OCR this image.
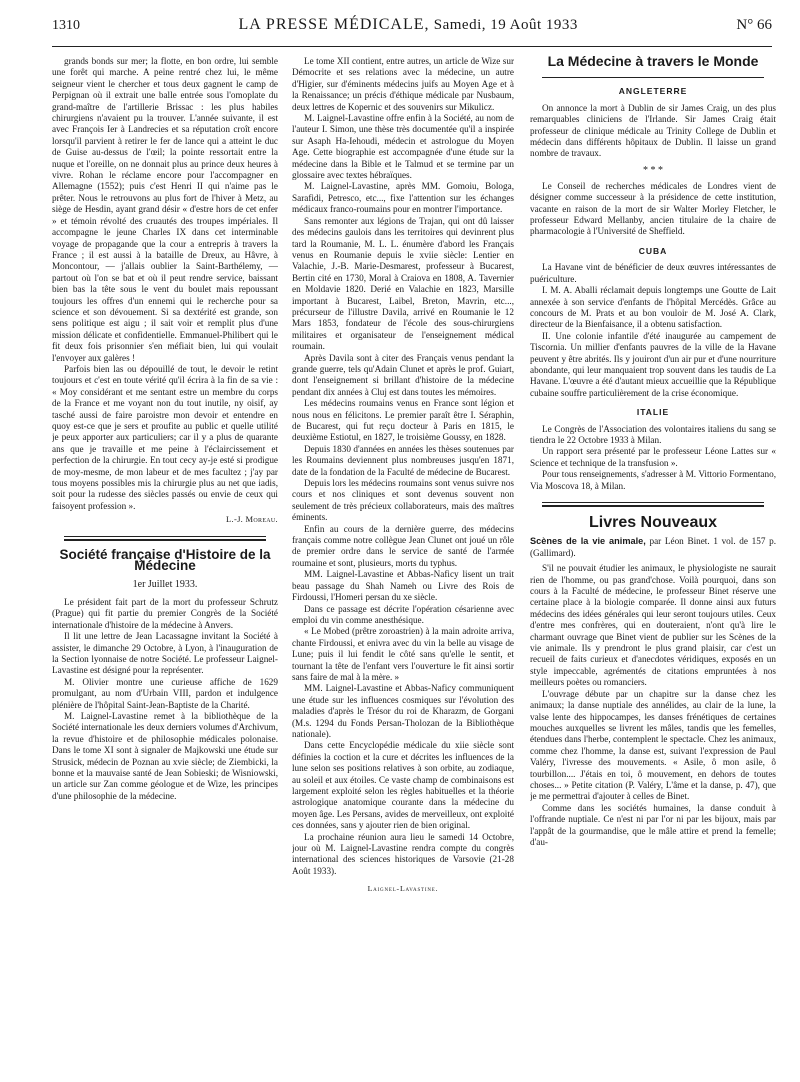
1310	LA PRESSE MÉDICALE, Samedi, 19 Août 1933	N° 66

grands bonds sur mer; la flotte, en bon ordre, lui semble une forêt qui marche. A peine rentré chez lui, le même seigneur vient le chercher et tous deux gagnent le camp de Perpignan où il extrait une balle entrée sous l'omoplate du grand-maître de l'artillerie Brissac : les plus habiles chirurgiens n'avaient pu la trouver. L'année suivante, il est avec François Ier à Landrecies et sa réputation croît encore lorsqu'il parvient à retirer le fer de lance qui a atteint le duc de Guise au-dessus de l'œil; la pointe ressortait entre la nuque et l'oreille, on ne donnait plus au prince deux heures à vivre. Rohan le réclame encore pour l'accompagner en Allemagne (1552); puis c'est Henri II qui n'aime pas le prêter. Nous le retrouvons au plus fort de l'hiver à Metz, au siège de Hesdin, ayant grand désir « d'estre hors de cet enfer » et témoin révolté des cruautés des troupes impériales. Il accompagne le jeune Charles IX dans cet interminable voyage de propagande que la cour a entrepris à travers la France ; il est aussi à la bataille de Dreux, au Hâvre, à Moncontour, — j'allais oublier la Saint-Barthélemy, — partout où l'on se bat et où il peut rendre service, baissant bien bas la tête sous le vent du boulet mais repoussant toujours les offres d'un ennemi qui le recherche pour sa science et son dévouement. Si sa dextérité est grande, son sens politique est aigu ; il sait voir et remplit plus d'une mission délicate et confidentielle. Emmanuel-Philibert qui le fit deux fois prisonnier s'en méfiait bien, lui qui voulait l'envoyer aux galères !

Parfois bien las ou dépouillé de tout, le devoir le retint toujours et c'est en toute vérité qu'il écrira à la fin de sa vie : « Moy considérant et me sentant estre un membre du corps de la France et me voyant non du tout inutile, ny oisif, ay tasché aussi de faire paroistre mon devoir et entendre en quoy est-ce que je sers et proufite au public et quelle utilité je peux apporter aux particuliers; car il y a plus de quarante ans que je travaille et me peine à l'éclaircissement et perfection de la chirurgie. En tout cecy ay-je esté si prodigue de moy-mesme, de mon labeur et de mes facultez ; j'ay par tous moyens possibles mis la chirurgie plus au net que iadis, soit pour la rudesse des siècles passés ou envie de ceux qui faisoyent profession ».

L.-J. Moreau.
Société française d'Histoire de la Médecine
1er Juillet 1933.

Le président fait part de la mort du professeur Schrutz (Prague) qui fit partie du premier Congrès de la Société internationale d'histoire de la médecine à Anvers.

Il lit une lettre de Jean Lacassagne invitant la Société à assister, le dimanche 29 Octobre, à Lyon, à l'inauguration de la Section lyonnaise de notre Société. Le professeur Laignel-Lavastine est désigné pour la représenter.

M. Olivier montre une curieuse affiche de 1629 promulgant, au nom d'Urbain VIII, pardon et indulgence plénière de l'hôpital Saint-Jean-Baptiste de la Charité.

M. Laignel-Lavastine remet à la bibliothèque de la Société internationale les deux derniers volumes d'Archivum, la revue d'histoire et de philosophie médicales polonaise. Dans le tome XI sont à signaler de Majkowski une étude sur Strusick, médecin de Poznan au xvie siècle; de Ziembicki, la bonne et la mauvaise santé de Jean Sobieski; de Wisniowski, un article sur Zan comme géologue et de Wize, les principes d'une philosophie de la médecine.

Le tome XII contient, entre autres, un article de Wize sur Démocrite et ses relations avec la médecine, un autre d'Higier, sur d'éminents médecins juifs au Moyen Age et à la Renaissance; un précis d'éthique médicale par Nusbaum, deux lettres de Kopernic et des souvenirs sur Mikulicz.

M. Laignel-Lavastine offre enfin à la Société, au nom de l'auteur I. Simon, une thèse très documentée qu'il a inspirée sur Asaph Ha-Iehoudi, médecin et astrologue du Moyen Age. Cette biographie est accompagnée d'une étude sur la médecine dans la Bible et le Talmud et se termine par un glossaire avec textes hébraïques.

M. Laignel-Lavastine, après MM. Gomoiu, Bologa, Sarafidi, Petresco, etc..., fixe l'attention sur les échanges médicaux franco-roumains pour en montrer l'importance.

Sans remonter aux légions de Trajan, qui ont dû laisser des médecins gaulois dans les territoires qui devinrent plus tard la Roumanie, M. L. L. énumère d'abord les Français venus en Roumanie depuis le xviie siècle: Lentier en Valachie, J.-B. Marie-Desmarest, professeur à Bucarest, Bertin cité en 1730, Moral à Craiova en 1808, A. Tavernier en Moldavie 1820. Derié en Valachie en 1823, Marsille important à Bucarest, Laibel, Breton, Mavrin, etc..., précurseur de l'illustre Davila, arrivé en Roumanie le 12 Mars 1853, fondateur de l'école des sous-chirurgiens militaires et organisateur de l'enseignement médical roumain.

Après Davila sont à citer des Français venus pendant la grande guerre, tels qu'Adain Clunet et après le prof. Guiart, dont l'enseignement si brillant d'histoire de la médecine pendant dix années à Cluj est dans toutes les mémoires.

Les médecins roumains venus en France sont légion et nous nous en félicitons. Le premier paraît être I. Séraphin, de Bucarest, qui fut reçu docteur à Paris en 1815, le deuxième Estiotul, en 1827, le troisième Goussy, en 1828.

Depuis 1830 d'années en années les thèses soutenues par les Roumains deviennent plus nombreuses jusqu'en 1871, date de la fondation de la Faculté de médecine de Bucarest.

Depuis lors les médecins roumains sont venus suivre nos cours et nos cliniques et sont devenus souvent non seulement de très précieux collaborateurs, mais des maîtres éminents.

Enfin au cours de la dernière guerre, des médecins français comme notre collègue Jean Clunet ont joué un rôle de premier ordre dans le service de santé de l'armée roumaine et sont, plusieurs, morts du typhus.

MM. Laignel-Lavastine et Abbas-Naficy lisent un trait beau passage du Shah Nameh ou Livre des Rois de Firdoussi, l'Homeri persan du xe siècle.

Dans ce passage est décrite l'opération césarienne avec emploi du vin comme anesthésique.

« Le Mobed (prêtre zoroastrien) à la main adroite arriva, chante Firdoussi, et enivra avec du vin la belle au visage de Lune; puis il lui fendit le côté sans qu'elle le sentit, et tournant la tête de l'enfant vers l'ouverture le fit ainsi sortir sans faire de mal à la mère. »

MM. Laignel-Lavastine et Abbas-Naficy communiquent une étude sur les influences cosmiques sur l'évolution des maladies d'après le Trésor du roi de Kharazm, de Gorgani (M.s. 1294 du Fonds Persan-Tholozan de la Bibliothèque nationale).

Dans cette Encyclopédie médicale du xiie siècle sont définies la coction et la cure et décrites les influences de la lune selon ses positions relatives à son orbite, au zodiaque, au soleil et aux étoiles. Ce vaste champ de combinaisons est largement exploité selon les règles habituelles et la théorie astrologique anatomique courante dans la médecine du moyen âge. Les Persans, avides de merveilleux, ont exploité ces données, sans y ajouter rien de bien original.

La prochaine réunion aura lieu le samedi 14 Octobre, jour où M. Laignel-Lavastine rendra compte du congrès international des sciences historiques de Varsovie (21-28 Août 1933).

Laignel-Lavastine.
La Médecine à travers le Monde
ANGLETERRE

On annonce la mort à Dublin de sir James Craig, un des plus remarquables cliniciens de l'Irlande. Sir James Craig était professeur de clinique médicale au Trinity College de Dublin et médecin dans différents hôpitaux de Dublin. Il laisse un grand nombre de travaux.

* * *

Le Conseil de recherches médicales de Londres vient de désigner comme successeur à la présidence de cette institution, vacante en raison de la mort de sir Walter Morley Fletcher, le professeur Edward Mellanby, ancien titulaire de la chaire de pharmacologie à l'Université de Sheffield.

CUBA

La Havane vint de bénéficier de deux œuvres intéressantes de puériculture.

I. M. A. Aballi réclamait depuis longtemps une Goutte de Lait annexée à son service d'enfants de l'hôpital Mercédès. Grâce au concours de M. Prats et au bon vouloir de M. José A. Clark, directeur de la Bienfaisance, il a obtenu satisfaction.

II. Une colonie infantile d'été inaugurée au campement de Tiscornia. Un millier d'enfants pauvres de la ville de la Havane peuvent y être abrités. Ils y jouiront d'un air pur et d'une nourriture abondante, qui leur manquaient trop souvent dans les taudis de La Havane. L'œuvre a été d'autant mieux accueillie que la République cubaine souffre particulièrement de la crise économique.

ITALIE

Le Congrès de l'Association des volontaires italiens du sang se tiendra le 22 Octobre 1933 à Milan.

Un rapport sera présenté par le professeur Léone Lattes sur « Science et technique de la transfusion ».

Pour tous renseignements, s'adresser à M. Vittorio Formentano, Via Moscova 18, à Milan.

Livres Nouveaux

Scènes de la vie animale, par Léon Binet. 1 vol. de 157 p. (Gallimard).

S'il ne pouvait étudier les animaux, le physiologiste ne saurait rien de l'homme, ou pas grand'chose. Voilà pourquoi, dans son cours à la Faculté de médecine, le professeur Binet réserve une certaine place à la biologie comparée. Il donne ainsi aux futurs médecins des idées générales qui leur seront toujours utiles. Ceux d'entre mes confrères, qui en douteraient, n'ont qu'à lire le charmant ouvrage que Binet vient de publier sur les Scènes de la vie animale. Ils y prendront le plus grand plaisir, car c'est un recueil de faits curieux et d'anecdotes véridiques, exposés en un style impeccable, agrémentés de citations empruntées à nos meilleurs poètes ou romanciers.

L'ouvrage débute par un chapitre sur la danse chez les animaux; la danse nuptiale des annélides, au clair de la lune, la valse lente des hippocampes, les danses frénétiques de certaines mouches auxquelles se livrent les mâles, tandis que les femelles, étendues dans l'herbe, contemplent le spectacle. Chez les animaux, comme chez l'homme, la danse est, suivant l'expression de Paul Valéry, l'ivresse des mouvements. « Asile, ô mon asile, ô tourbillon.... J'étais en toi, ô mouvement, en dehors de toutes choses... » Petite citation (P. Valéry, L'âme et la danse, p. 47), que je me permettrai d'ajouter à celles de Binet.

Comme dans les sociétés humaines, la danse conduit à l'offrande nuptiale. Ce n'est ni par l'or ni par les bijoux, mais par l'appât de la gourmandise, que le mâle attire et prend la femelle; d'au-
